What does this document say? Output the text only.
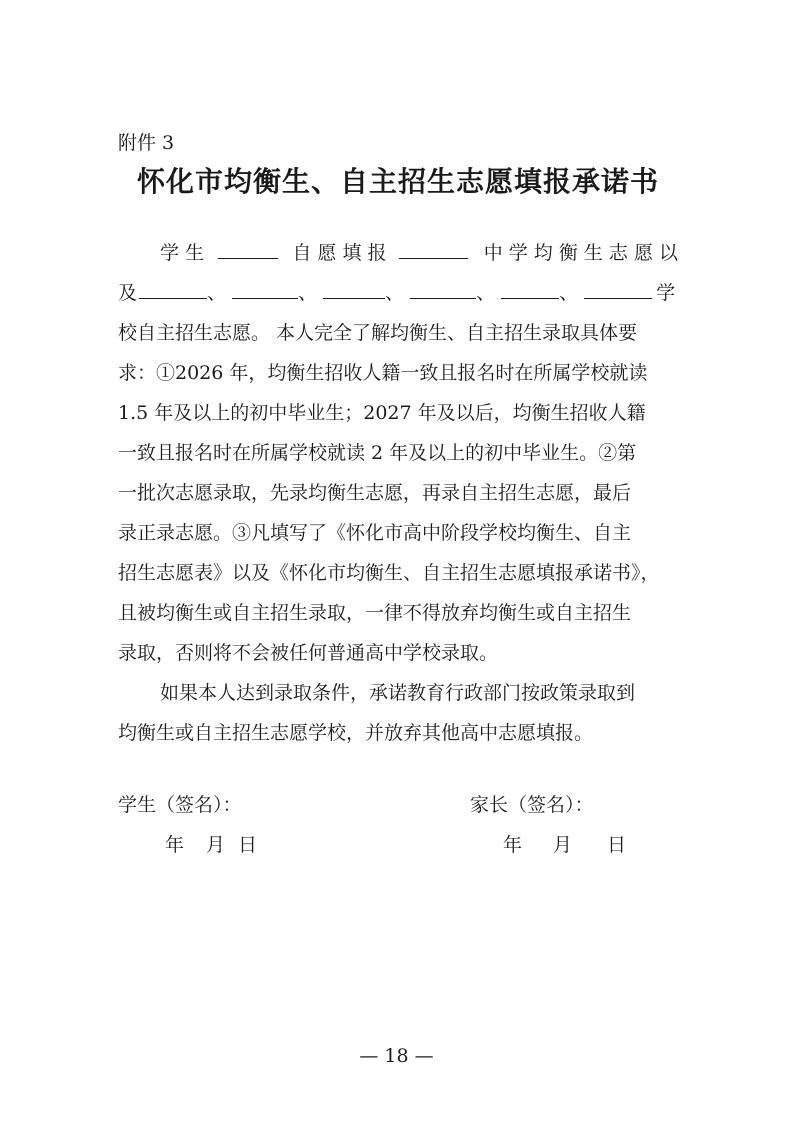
附件 3
怀化市均衡生、自主招生志愿填报承诺书
学 生	自 愿 填 报	中 学 均 衡 生 志 愿 以
及	、	、	、	、	、	学
校自主招生志愿。 本人完全了解均衡生、自主招生录取具体要
求：①2026 年，均衡生招收人籍一致且报名时在所属学校就读
1.5 年及以上的初中毕业生；2027 年及以后，均衡生招收人籍
一致且报名时在所属学校就读 2 年及以上的初中毕业生。②第
一批次志愿录取，先录均衡生志愿，再录自主招生志愿，最后
录正录志愿。③凡填写了《怀化市高中阶段学校均衡生、自主
招生志愿表》以及《怀化市均衡生、自主招生志愿填报承诺书》，
且被均衡生或自主招生录取，一律不得放弃均衡生或自主招生
录取，否则将不会被任何普通高中学校录取。
如果本人达到录取条件，承诺教育行政部门按政策录取到
均衡生或自主招生志愿学校，并放弃其他高中志愿填报。
学生（签名）：	家长（签名）：
年 月 日	年 月 日
— 18 —
